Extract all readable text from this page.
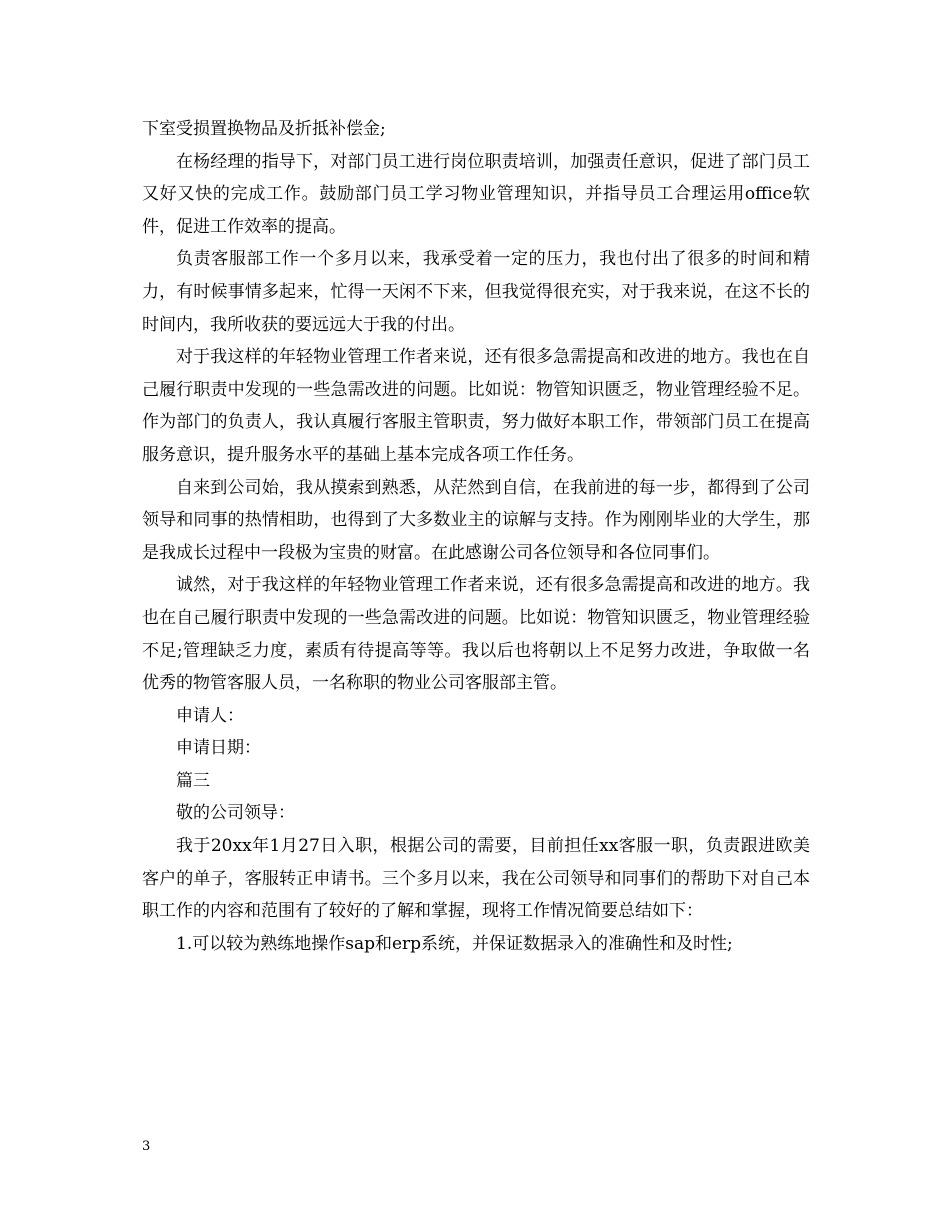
下室受损置换物品及折抵补偿金;

在杨经理的指导下，对部门员工进行岗位职责培训，加强责任意识，促进了部门员工又好又快的完成工作。鼓励部门员工学习物业管理知识，并指导员工合理运用office软件，促进工作效率的提高。

负责客服部工作一个多月以来，我承受着一定的压力，我也付出了很多的时间和精力，有时候事情多起来，忙得一天闲不下来，但我觉得很充实，对于我来说，在这不长的时间内，我所收获的要远远大于我的付出。

对于我这样的年轻物业管理工作者来说，还有很多急需提高和改进的地方。我也在自己履行职责中发现的一些急需改进的问题。比如说：物管知识匮乏，物业管理经验不足。作为部门的负责人，我认真履行客服主管职责，努力做好本职工作，带领部门员工在提高服务意识，提升服务水平的基础上基本完成各项工作任务。

自来到公司始，我从摸索到熟悉，从茫然到自信，在我前进的每一步，都得到了公司领导和同事的热情相助，也得到了大多数业主的谅解与支持。作为刚刚毕业的大学生，那是我成长过程中一段极为宝贵的财富。在此感谢公司各位领导和各位同事们。

诚然，对于我这样的年轻物业管理工作者来说，还有很多急需提高和改进的地方。我也在自己履行职责中发现的一些急需改进的问题。比如说：物管知识匮乏，物业管理经验不足;管理缺乏力度，素质有待提高等等。我以后也将朝以上不足努力改进，争取做一名优秀的物管客服人员，一名称职的物业公司客服部主管。

申请人：

申请日期：

篇三

敬的公司领导：

我于20xx年1月27日入职，根据公司的需要，目前担任xx客服一职，负责跟进欧美客户的单子，客服转正申请书。三个多月以来，我在公司领导和同事们的帮助下对自己本职工作的内容和范围有了较好的了解和掌握，现将工作情况简要总结如下：

1.可以较为熟练地操作sap和erp系统，并保证数据录入的准确性和及时性;

3
